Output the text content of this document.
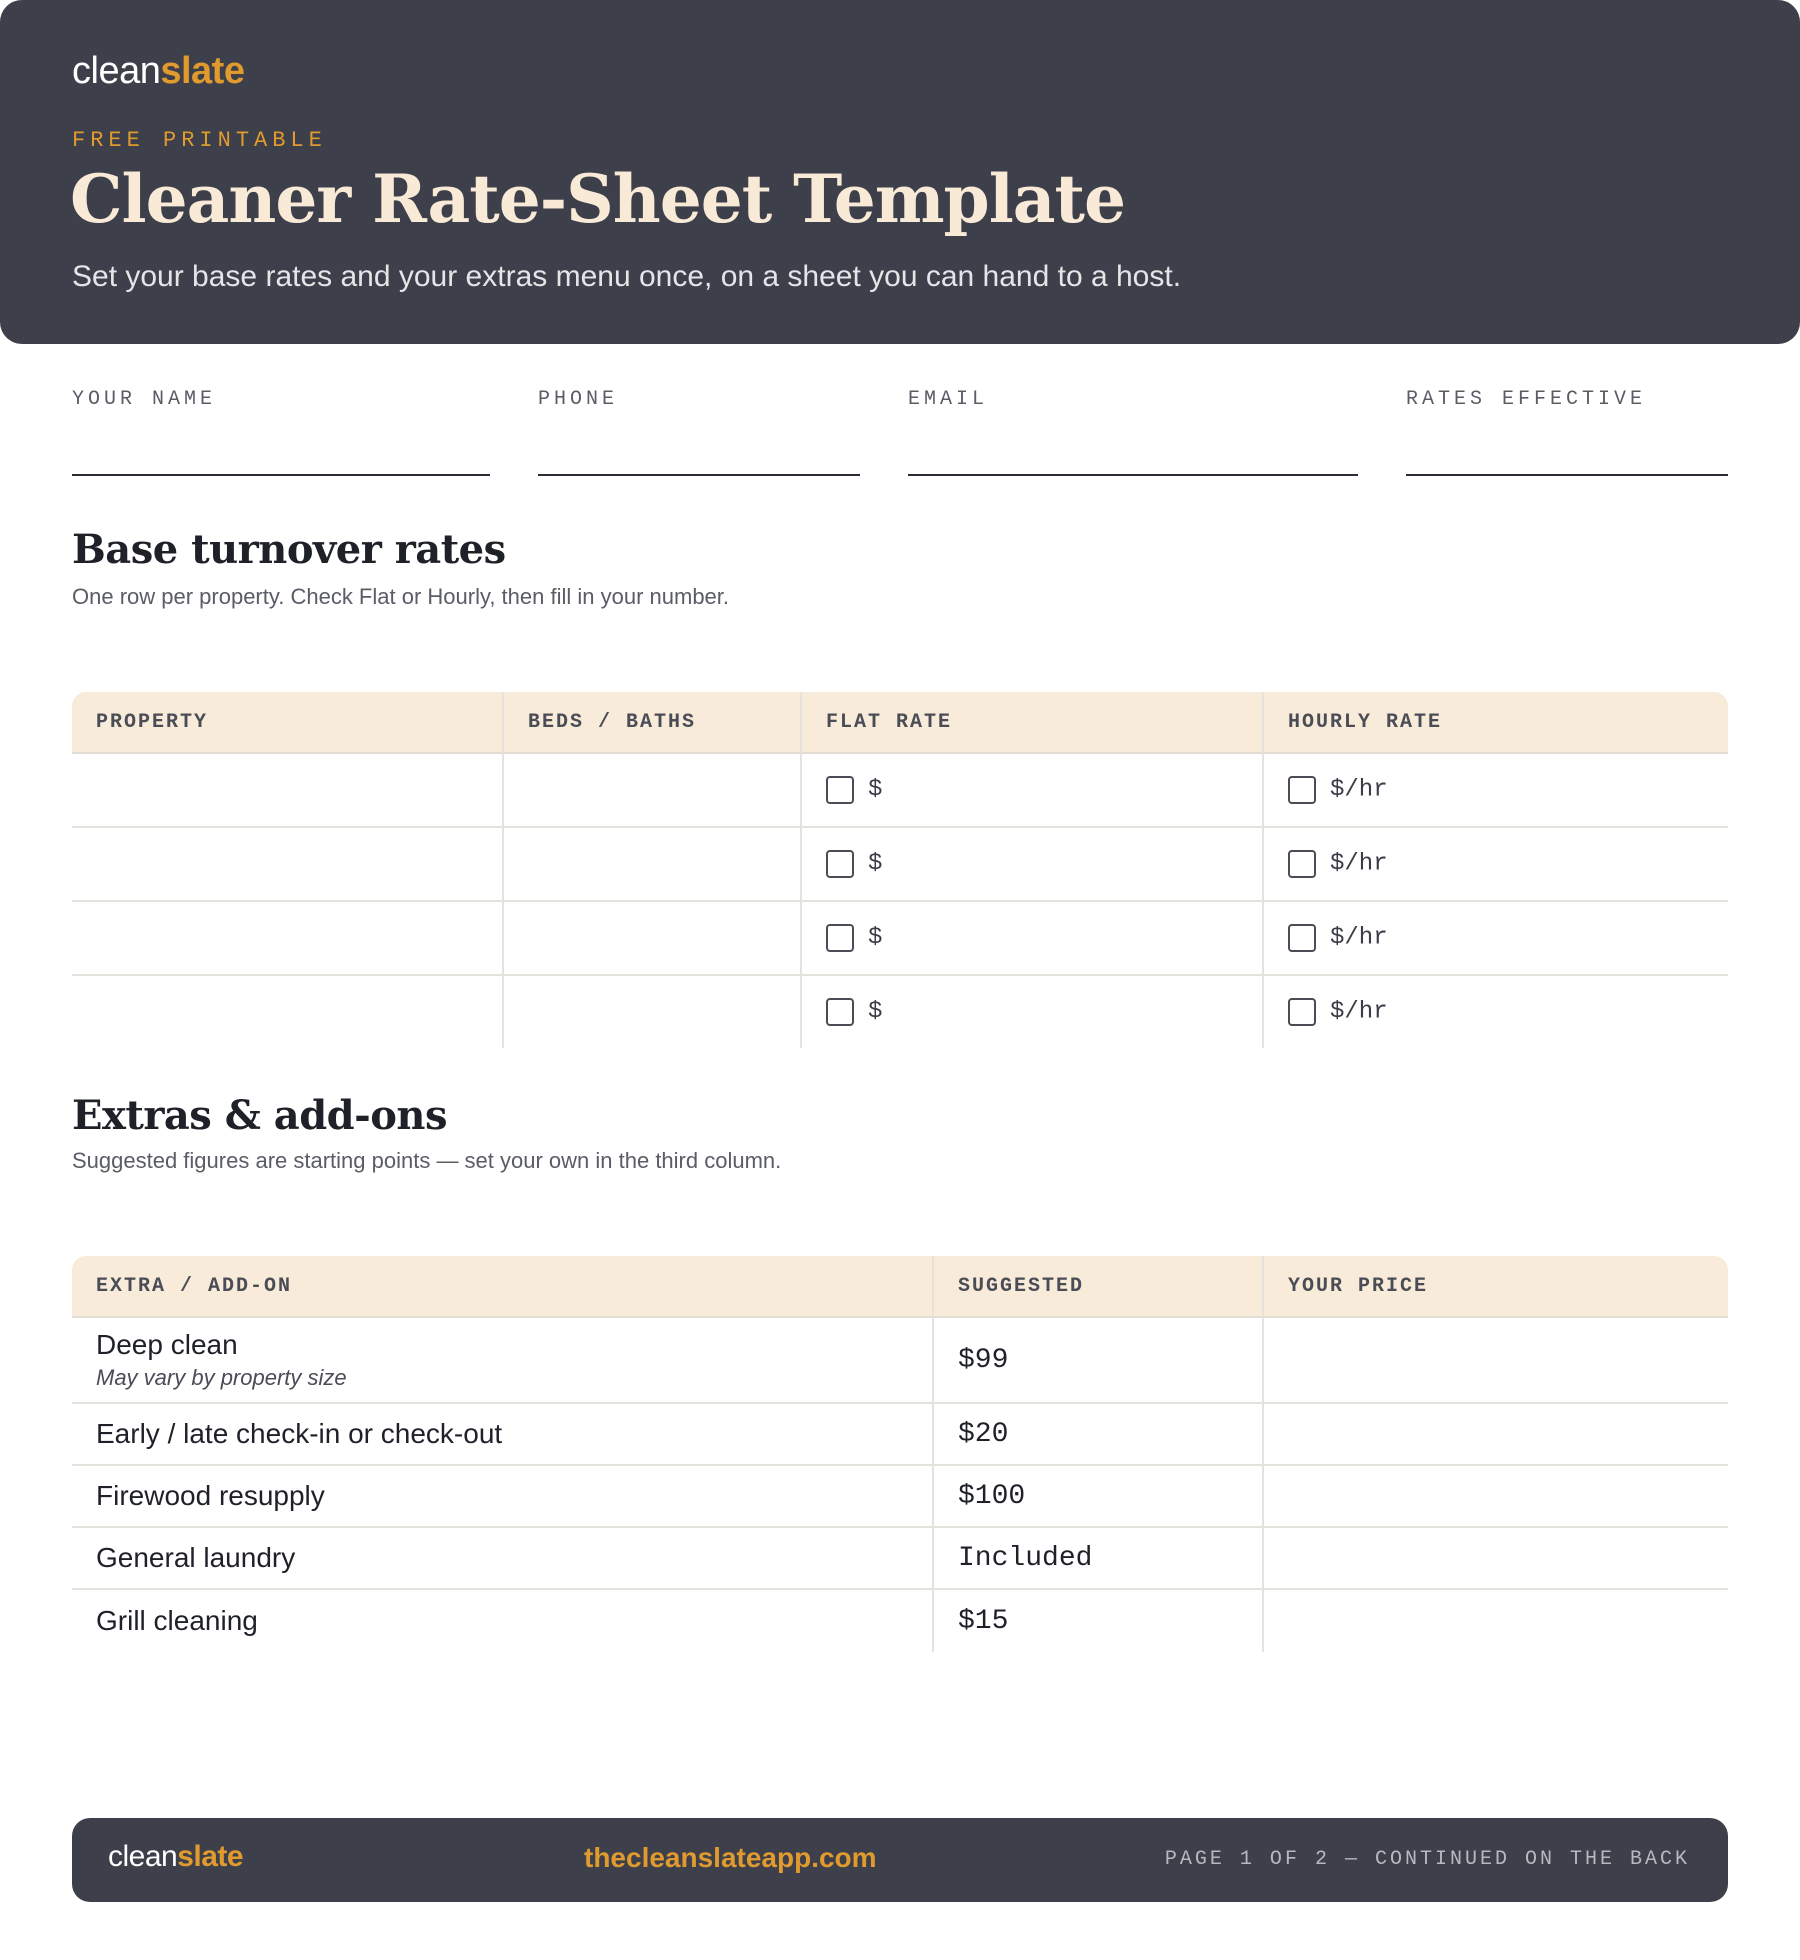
cleanslate
FREE PRINTABLE
Cleaner Rate-Sheet Template
Set your base rates and your extras menu once, on a sheet you can hand to a host.
YOUR NAME	PHONE	EMAIL	RATES EFFECTIVE
Base turnover rates
One row per property. Check Flat or Hourly, then fill in your number.
PROPERTY	BEDS / BATHS	FLAT RATE	HOURLY RATE
		$	$/hr
		$	$/hr
		$	$/hr
		$	$/hr
Extras & add-ons
Suggested figures are starting points — set your own in the third column.
EXTRA / ADD-ON	SUGGESTED	YOUR PRICE
Deep clean
May vary by property size	$99	
Early / late check-in or check-out	$20	
Firewood resupply	$100	
General laundry	Included	
Grill cleaning	$15	
cleanslate	thecleanslateapp.com	PAGE 1 OF 2 — CONTINUED ON THE BACK
